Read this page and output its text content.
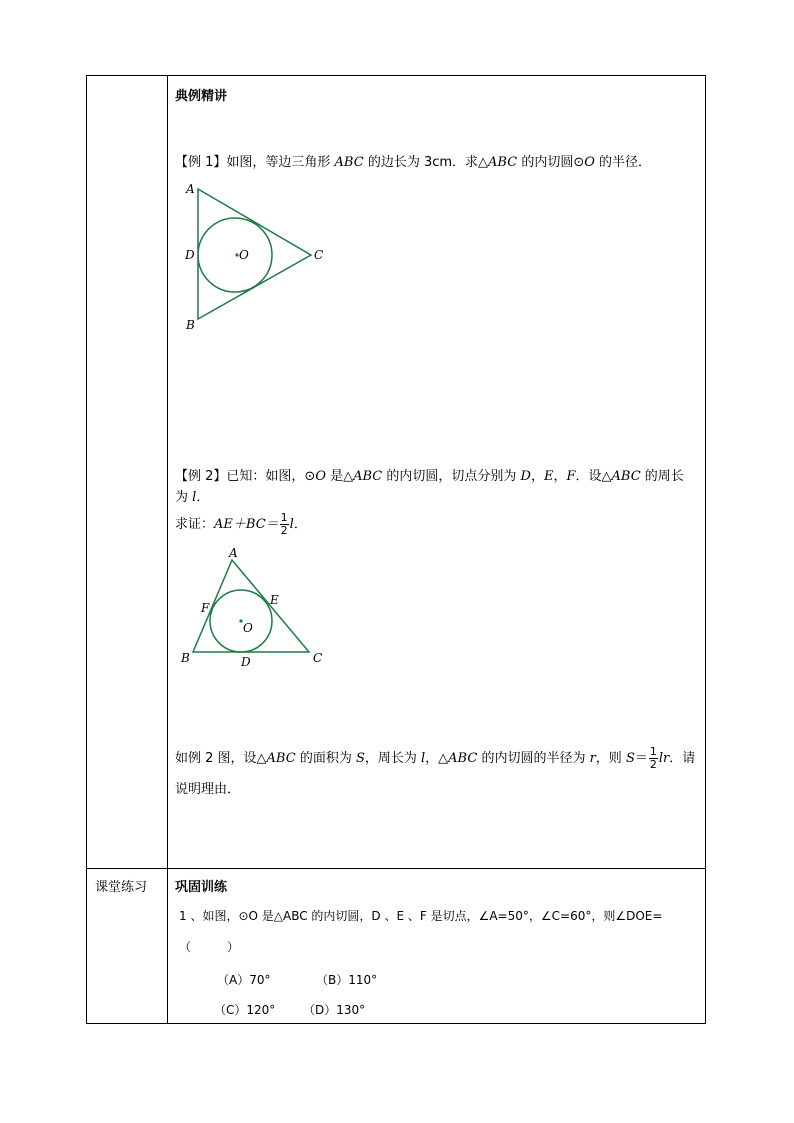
典例精讲
【例 1】如图，等边三角形 ABC 的边长为 3cm．求△ABC 的内切圆⊙O 的半径．
A
D	O	C
B
【例 2】已知：如图，⊙O 是△ABC 的内切圆，切点分别为 D，E，F．设△ABC 的周长
为 l．
求证：$AE+BC= \frac{1}{2}$ l．
A
F
E
O
B	D	C
如例 2 图，设△ABC 的面积为 S，周长为 l，△ABC 的内切圆的半径为 r，则 $S= \frac{1}{2}$ lr．请
说明理由．
课堂练习 巩固训练
1 、如图，⊙O 是△ABC 的内切圆，D 、E 、F 是切点，∠A=50°，∠C=60°，则∠DOE=
（　　　）
（A）70°	（B）110°
（C）120° （D）130°
